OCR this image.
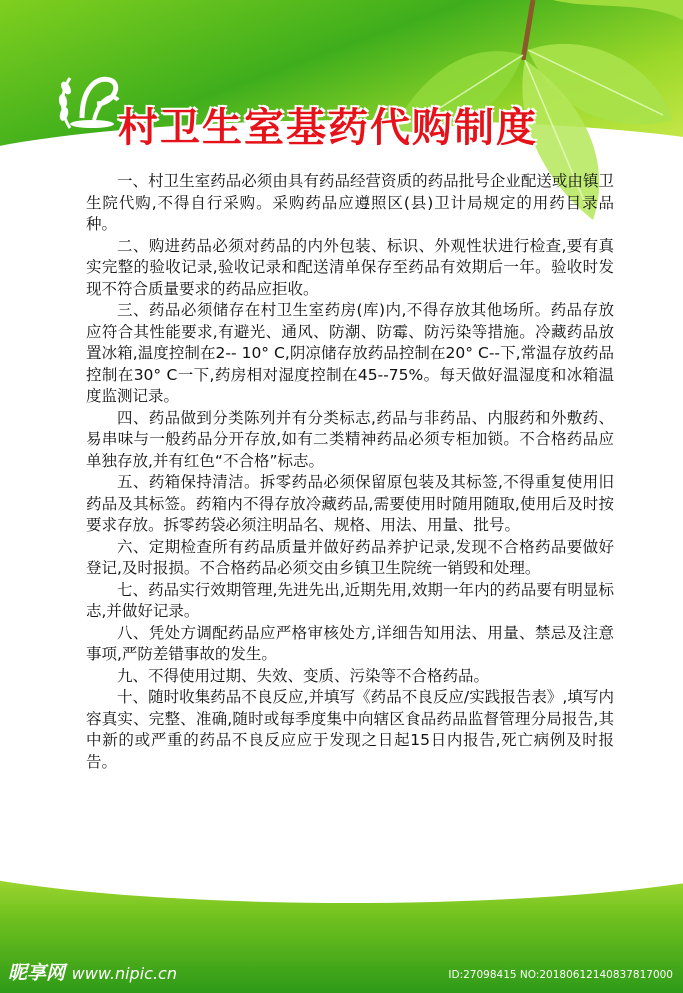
村卫生室基药代购制度

一、村卫生室药品必须由具有药品经营资质的药品批号企业配送或由镇卫生院代购,不得自行采购。采购药品应遵照区(县)卫计局规定的用药目录品种。

二、购进药品必须对药品的内外包装、标识、外观性状进行检查,要有真实完整的验收记录,验收记录和配送清单保存至药品有效期后一年。验收时发现不符合质量要求的药品应拒收。

三、药品必须储存在村卫生室药房(库)内,不得存放其他场所。药品存放应符合其性能要求,有避光、通风、防潮、防霉、防污染等措施。冷藏药品放置冰箱,温度控制在2-- 10° C,阴凉储存放药品控制在20° C--下,常温存放药品控制在30° C一下,药房相对湿度控制在45--75%。每天做好温湿度和冰箱温度监测记录。

四、药品做到分类陈列并有分类标志,药品与非药品、内服药和外敷药、易串味与一般药品分开存放,如有二类精神药品必须专柜加锁。不合格药品应单独存放,并有红色“不合格”标志。

五、药箱保持清洁。拆零药品必须保留原包装及其标签,不得重复使用旧药品及其标签。药箱内不得存放冷藏药品,需要使用时随用随取,使用后及时按要求存放。拆零药袋必须注明品名、规格、用法、用量、批号。

六、定期检查所有药品质量并做好药品养护记录,发现不合格药品要做好登记,及时报损。不合格药品必须交由乡镇卫生院统一销毁和处理。

七、药品实行效期管理,先进先出,近期先用,效期一年内的药品要有明显标志,并做好记录。

八、凭处方调配药品应严格审核处方,详细告知用法、用量、禁忌及注意事项,严防差错事故的发生。

九、不得使用过期、失效、变质、污染等不合格药品。

十、随时收集药品不良反应,并填写《药品不良反应/实践报告表》,填写内容真实、完整、准确,随时或每季度集中向辖区食品药品监督管理分局报告,其中新的或严重的药品不良反应应于发现之日起15日内报告,死亡病例及时报告。

昵享网 www.nipic.cn	ID:27098415 NO:20180612140837817000
